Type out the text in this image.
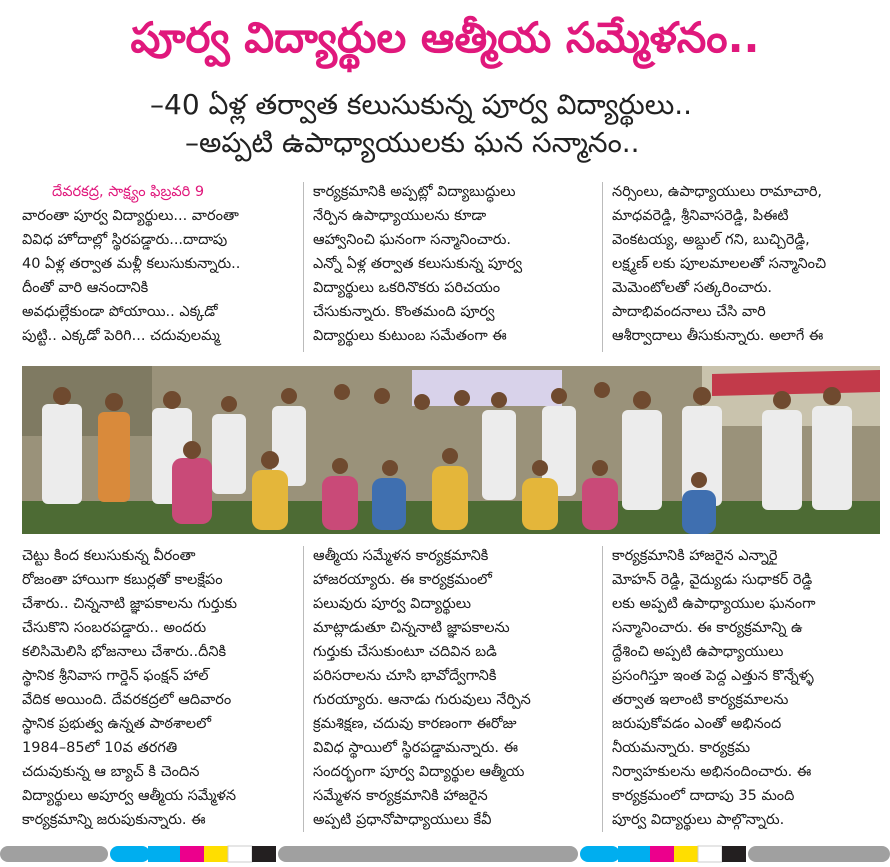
పూర్వ విద్యార్థుల ఆత్మీయ సమ్మేళనం..
–40 ఏళ్ల తర్వాత కలుసుకున్న పూర్వ విద్యార్థులు..
–అప్పటి ఉపాధ్యాయులకు ఘన సన్మానం..
దేవరకద్ర, సాక్ష్యం ఫిబ్రవరి 9
వారంతా పూర్వ విద్యార్థులు... వారంతా
వివిధ హోదాల్లో స్థిరపడ్డారు...దాదాపు
40 ఏళ్ల తర్వాత మళ్లీ కలుసుకున్నారు..
దీంతో వారి ఆనందానికి
అవధుల్లేకుండా పోయాయి.. ఎక్కడో
పుట్టి.. ఎక్కడో పెరిగి... చదువులమ్మ
కార్యక్రమానికి అప్పట్లో విద్యాబుద్ధులు
నేర్పిన ఉపాధ్యాయులను కూడా
ఆహ్వానించి ఘనంగా సన్మానించారు.
ఎన్నో ఏళ్ల తర్వాత కలుసుకున్న పూర్వ
విద్యార్థులు ఒకరినొకరు పరిచయం
చేసుకున్నారు. కొంతమంది పూర్వ
విద్యార్థులు కుటుంబ సమేతంగా ఈ
నర్సింలు, ఉపాధ్యాయులు రామాచారి,
మాధవరెడ్డి, శ్రీనివాసరెడ్డి, పిఈటి
వెంకటయ్య, అబ్దుల్ గని, బుచ్చిరెడ్డి,
లక్ష్మణ్ లకు పూలమాలలతో సన్మానించి
మెమెంటోలతో సత్కరించారు.
పాదాభివందనాలు చేసి వారి
ఆశీర్వాదాలు తీసుకున్నారు. అలాగే ఈ
చెట్టు కింద కలుసుకున్న వీరంతా
రోజంతా హాయిగా కబుర్లతో కాలక్షేపం
చేశారు.. చిన్ననాటి జ్ఞాపకాలను గుర్తుకు
చేసుకొని సంబరపడ్డారు.. అందరు
కలిసిమెలిసి భోజనాలు చేశారు..దీనికి
స్థానిక శ్రీనివాస గార్డెన్ ఫంక్షన్ హాల్
వేదిక అయింది. దేవరకద్రలో ఆదివారం
స్థానిక ప్రభుత్వ ఉన్నత పాఠశాలలో
1984–85లో 10వ తరగతి
చదువుకున్న ఆ బ్యాచ్ కి చెందిన
విద్యార్థులు అపూర్వ ఆత్మీయ సమ్మేళన
కార్యక్రమాన్ని జరుపుకున్నారు. ఈ
ఆత్మీయ సమ్మేళన కార్యక్రమానికి
హాజరయ్యారు. ఈ కార్యక్రమంలో
పలువురు పూర్వ విద్యార్థులు
మాట్లాడుతూ చిన్ననాటి జ్ఞాపకాలను
గుర్తుకు చేసుకుంటూ చదివిన బడి
పరిసరాలను చూసి భావోద్వేగానికి
గురయ్యారు. ఆనాడు గురువులు నేర్పిన
క్రమశిక్షణ, చదువు కారణంగా ఈరోజు
వివిధ స్థాయిలో స్థిరపడ్డామన్నారు. ఈ
సందర్భంగా పూర్వ విద్యార్థుల ఆత్మీయ
సమ్మేళన కార్యక్రమానికి హాజరైన
అప్పటి ప్రధానోపాధ్యాయులు కేవీ
కార్యక్రమానికి హాజరైన ఎన్నారై
మోహన్ రెడ్డి, వైద్యుడు సుధాకర్ రెడ్డి
లకు అప్పటి ఉపాధ్యాయుల ఘనంగా
సన్మానించారు. ఈ కార్యక్రమాన్ని ఉ
ద్దేశించి అప్పటి ఉపాధ్యాయులు
ప్రసంగిస్తూ ఇంత పెద్ద ఎత్తున కొన్నేళ్ళ
తర్వాత ఇలాంటి కార్యక్రమాలను
జరుపుకోవడం ఎంతో అభినంద
నీయమన్నారు. కార్యక్రమ
నిర్వాహకులను అభినందించారు. ఈ
కార్యక్రమంలో దాదాపు 35 మంది
పూర్వ విద్యార్థులు పాల్గొన్నారు.
